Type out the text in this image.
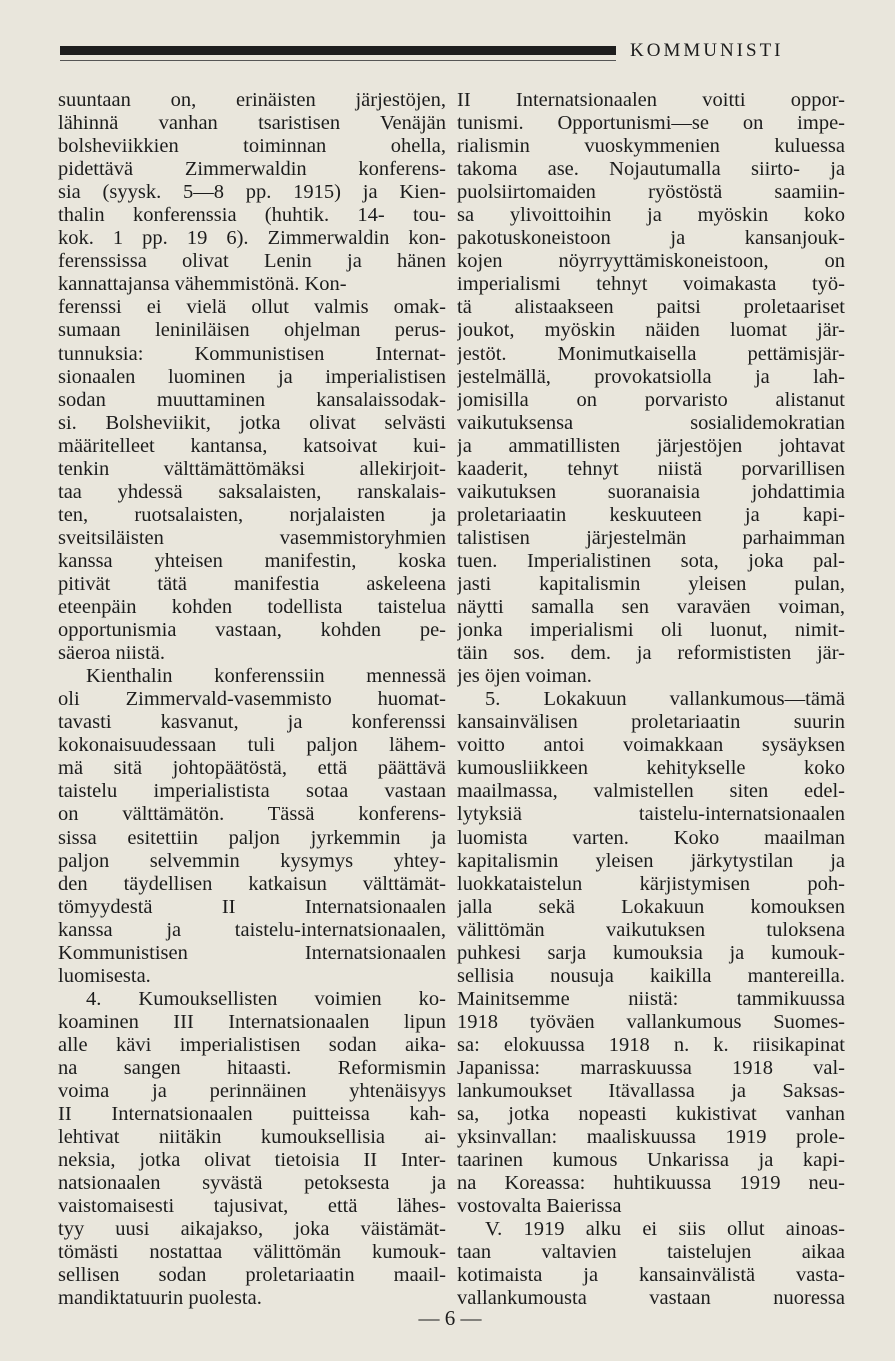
KOMMUNISTI
suuntaan on, erinäisten järjestöjen,
lähinnä vanhan tsaristisen Venäjän
bolsheviikkien toiminnan ohella,
pidettävä Zimmerwaldin konferens-
sia (syysk. 5—8 pp. 1915) ja Kien-
thalin konferenssia (huhtik. 14- tou-
kok. 1 pp. 19 6). Zimmerwaldin kon-
ferenssissa olivat Lenin ja hänen
kannattajansa vähemmistönä. Kon-
ferenssi ei vielä ollut valmis omak-
sumaan leniniläisen ohjelman perus-
tunnuksia: Kommunistisen Internat-
sionaalen luominen ja imperialistisen
sodan muuttaminen kansalaissodak-
si. Bolsheviikit, jotka olivat selvästi
määritelleet kantansa, katsoivat kui-
tenkin välttämättömäksi allekirjoit-
taa yhdessä saksalaisten, ranskalais-
ten, ruotsalaisten, norjalaisten ja
sveitsiläisten vasemmistoryhmien
kanssa yhteisen manifestin, koska
pitivät tätä manifestia askeleena
eteenpäin kohden todellista taistelua
opportunismia vastaan, kohden pe-
säeroa niistä.
Kienthalin konferenssiin mennessä
oli Zimmervald-vasemmisto huomat-
tavasti kasvanut, ja konferenssi
kokonaisuudessaan tuli paljon lähem-
mä sitä johtopäätöstä, että päättävä
taistelu imperialistista sotaa vastaan
on välttämätön. Tässä konferens-
sissa esitettiin paljon jyrkemmin ja
paljon selvemmin kysymys yhtey-
den täydellisen katkaisun välttämät-
tömyydestä II Internatsionaalen
kanssa ja taistelu-internatsionaalen,
Kommunistisen Internatsionaalen
luomisesta.
4. Kumouksellisten voimien ko-
koaminen III Internatsionaalen lipun
alle kävi imperialistisen sodan aika-
na sangen hitaasti. Reformismin
voima ja perinnäinen yhtenäisyys
II Internatsionaalen puitteissa kah-
lehtivat niitäkin kumouksellisia ai-
neksia, jotka olivat tietoisia II Inter-
natsionaalen syvästä petoksesta ja
vaistomaisesti tajusivat, että lähes-
tyy uusi aikajakso, joka väistämät-
tömästi nostattaa välittömän kumouk-
sellisen sodan proletariaatin maail-
mandiktatuurin puolesta.
II Internatsionaalen voitti oppor-
tunismi. Opportunismi—se on impe-
rialismin vuoskymmenien kuluessa
takoma ase. Nojautumalla siirto- ja
puolsiirtomaiden ryöstöstä saamiin-
sa ylivoittoihin ja myöskin koko
pakotuskoneistoon ja kansanjouk-
kojen nöyrryyttämiskoneistoon, on
imperialismi tehnyt voimakasta työ-
tä alistaakseen paitsi proletaariset
joukot, myöskin näiden luomat jär-
jestöt. Monimutkaisella pettämisjär-
jestelmällä, provokatsiolla ja lah-
jomisilla on porvaristo alistanut
vaikutuksensa sosialidemokratian
ja ammatillisten järjestöjen johtavat
kaaderit, tehnyt niistä porvarillisen
vaikutuksen suoranaisia johdattimia
proletariaatin keskuuteen ja kapi-
talistisen järjestelmän parhaimman
tuen. Imperialistinen sota, joka pal-
jasti kapitalismin yleisen pulan,
näytti samalla sen varaväen voiman,
jonka imperialismi oli luonut, nimit-
täin sos. dem. ja reformististen jär-
jes öjen voiman.
5. Lokakuun vallankumous—tämä
kansainvälisen proletariaatin suurin
voitto antoi voimakkaan sysäyksen
kumousliikkeen kehitykselle koko
maailmassa, valmistellen siten edel-
lytyksiä taistelu-internatsionaalen
luomista varten. Koko maailman
kapitalismin yleisen järkytystilan ja
luokkataistelun kärjistymisen poh-
jalla sekä Lokakuun komouksen
välittömän vaikutuksen tuloksena
puhkesi sarja kumouksia ja kumouk-
sellisia nousuja kaikilla mantereilla.
Mainitsemme niistä: tammikuussa
1918 työväen vallankumous Suomes-
sa: elokuussa 1918 n. k. riisikapinat
Japanissa: marraskuussa 1918 val-
lankumoukset Itävallassa ja Saksas-
sa, jotka nopeasti kukistivat vanhan
yksinvallan: maaliskuussa 1919 prole-
taarinen kumous Unkarissa ja kapi-
na Koreassa: huhtikuussa 1919 neu-
vostovalta Baierissa
V. 1919 alku ei siis ollut ainoas-
taan valtavien taistelujen aikaa
kotimaista ja kansainvälistä vasta-
vallankumousta vastaan nuoressa
— 6 —
